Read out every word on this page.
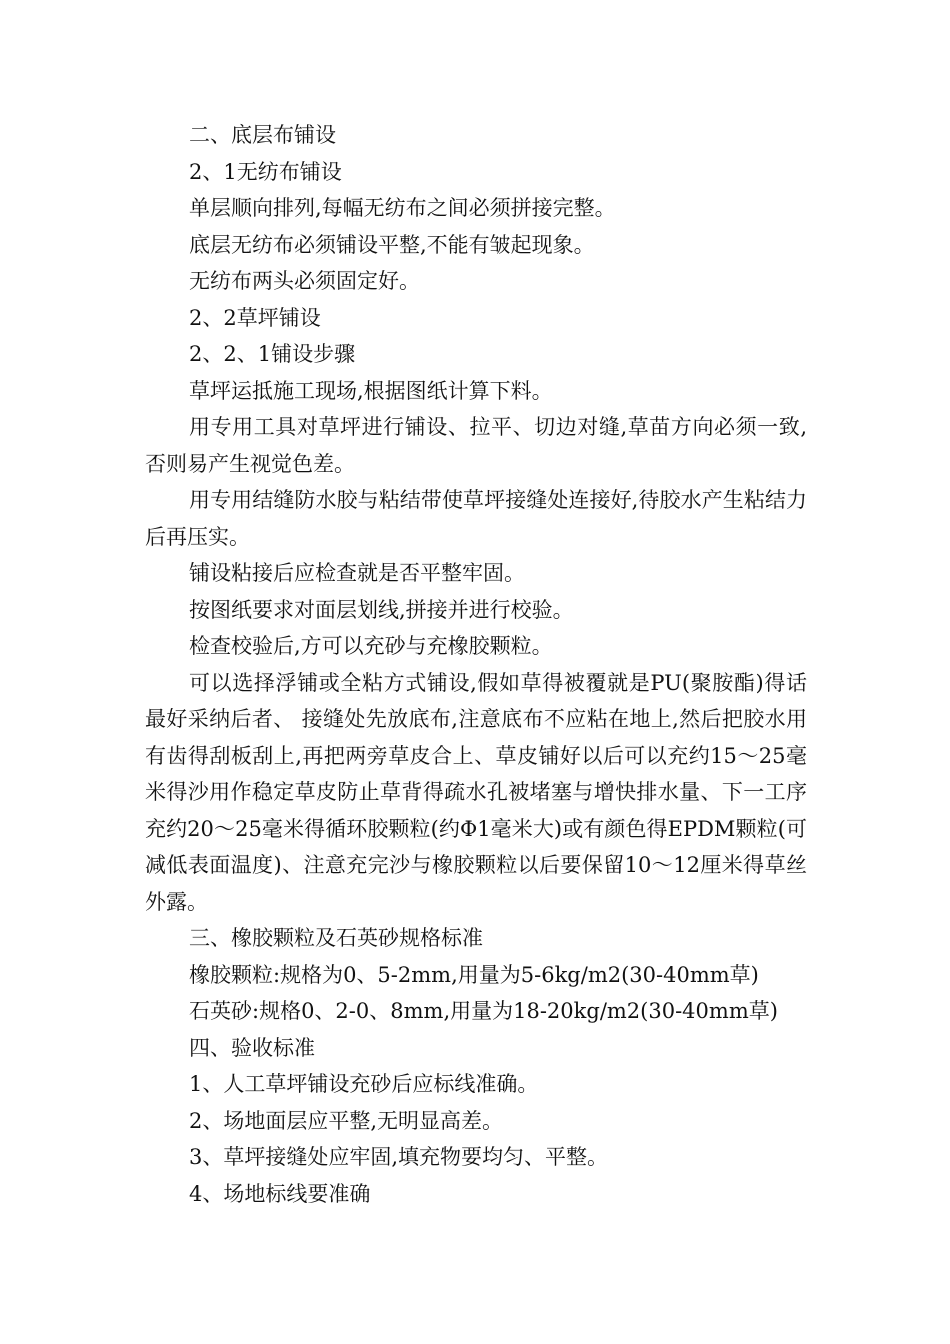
二、底层布铺设

2、1无纺布铺设

单层顺向排列,每幅无纺布之间必须拼接完整。

底层无纺布必须铺设平整,不能有皱起现象。

无纺布两头必须固定好。

2、2草坪铺设

2、2、1铺设步骤

草坪运抵施工现场,根据图纸计算下料。

用专用工具对草坪进行铺设、拉平、切边对缝,草苗方向必须一致,否则易产生视觉色差。

用专用结缝防水胶与粘结带使草坪接缝处连接好,待胶水产生粘结力后再压实。

铺设粘接后应检查就是否平整牢固。

按图纸要求对面层划线,拼接并进行校验。

检查校验后,方可以充砂与充橡胶颗粒。

可以选择浮铺或全粘方式铺设,假如草得被覆就是PU(聚胺酯)得话最好采纳后者、 接缝处先放底布,注意底布不应粘在地上,然后把胶水用有齿得刮板刮上,再把两旁草皮合上、草皮铺好以后可以充约15～25毫米得沙用作稳定草皮防止草背得疏水孔被堵塞与增快排水量、下一工序充约20～25毫米得循环胶颗粒(约Φ1毫米大)或有颜色得EPDM颗粒(可减低表面温度)、注意充完沙与橡胶颗粒以后要保留10～12厘米得草丝外露。

三、橡胶颗粒及石英砂规格标准

橡胶颗粒:规格为0、5-2mm,用量为5-6kg/m2(30-40mm草)

石英砂:规格0、2-0、8mm,用量为18-20kg/m2(30-40mm草)

四、验收标准

1、人工草坪铺设充砂后应标线准确。

2、场地面层应平整,无明显高差。

3、草坪接缝处应牢固,填充物要均匀、平整。

4、场地标线要准确
